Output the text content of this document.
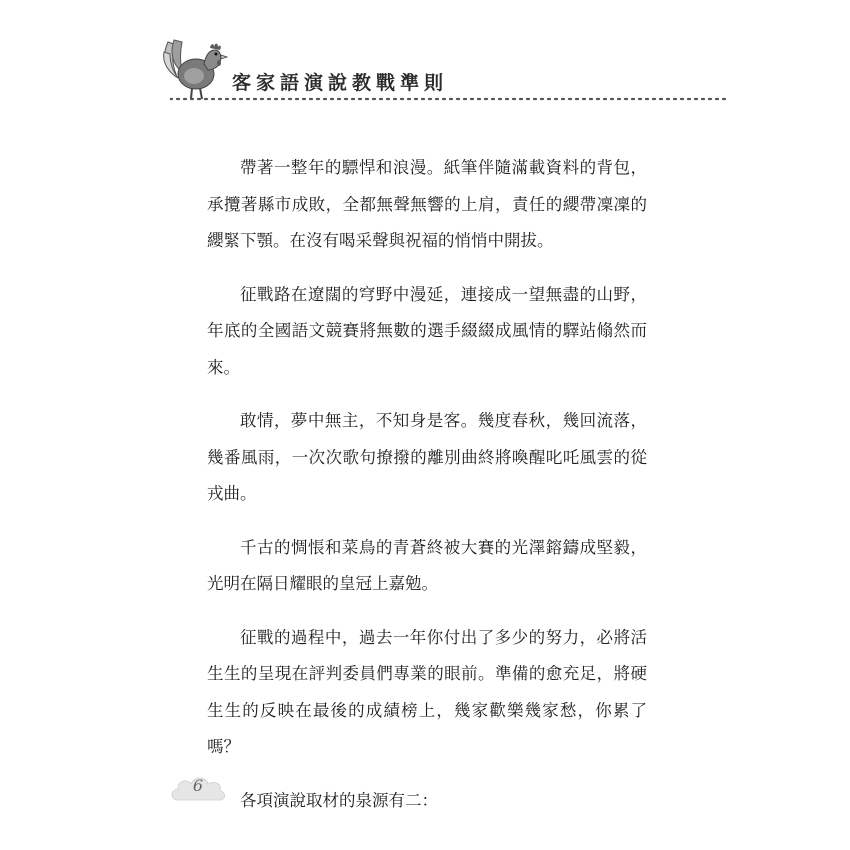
客家語演說教戰準則

帶著一整年的驃悍和浪漫。紙筆伴隨滿載資料的背包，承攬著縣市成敗，全都無聲無響的上肩，責任的纓帶凜凜的纓緊下顎。在沒有喝采聲與祝福的悄悄中開拔。

征戰路在遼闊的穹野中漫延，連接成一望無盡的山野，年底的全國語文競賽將無數的選手綴綴成風情的驛站翛然而來。

敢情，夢中無主，不知身是客。幾度春秋，幾回流落，幾番風雨，一次次歌句撩撥的離別曲終將喚醒叱吒風雲的從戎曲。

千古的惆悵和菜鳥的青蒼終被大賽的光澤鎔鑄成堅毅，光明在隔日耀眼的皇冠上嘉勉。

征戰的過程中，過去一年你付出了多少的努力，必將活生生的呈現在評判委員們專業的眼前。準備的愈充足，將硬生生的反映在最後的成績榜上，幾家歡樂幾家愁，你累了嗎？

各項演說取材的泉源有二：

6
